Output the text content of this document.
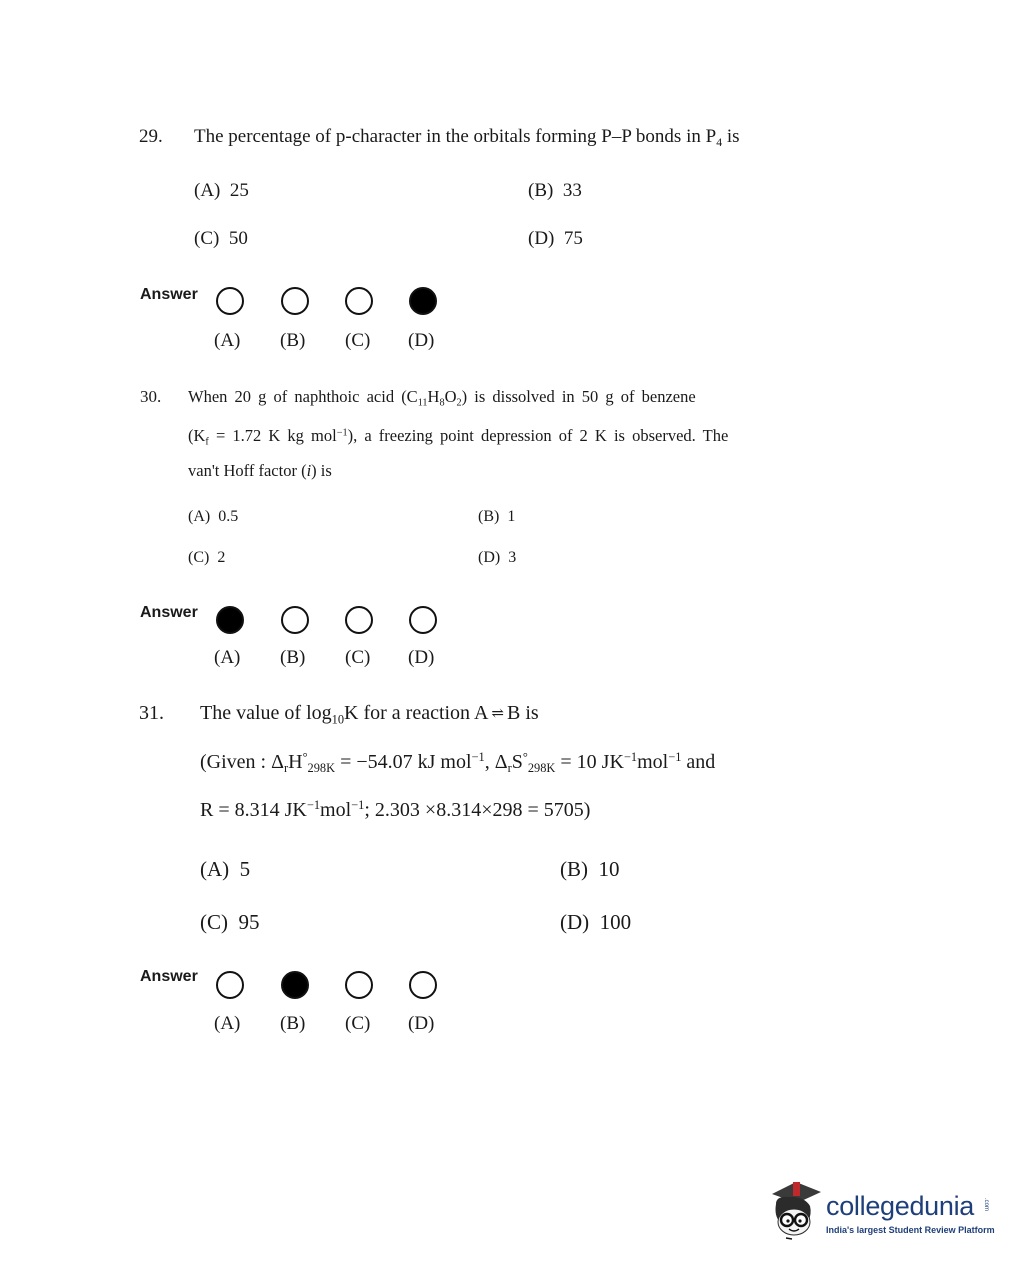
29. The percentage of p-character in the orbitals forming P–P bonds in $P_4$ is
(A) 25	(B) 33
(C) 50	(D) 75
Answer
(A) (B) (C) (D)
30. When 20 g of naphthoic acid $(C_{11}H_8O_2)$ is dissolved in 50 g of benzene
($K_f = 1.72$ K kg mol$^{-1}$), a freezing point depression of 2 K is observed. The
van't Hoff factor (i) is
(A) 0.5	(B) 1
(C) 2	(D) 3
Answer
(A) (B) (C) (D)
31. The value of $\log_{10}K$ for a reaction A ⇌ B is
(Given : $\Delta_rH^\circ_{298K} = -54.07$ kJ mol$^{-1}$, $\Delta_rS^\circ_{298K} = 10$ $JK^{-1}mol^{-1}$ and
R = 8.314 $JK^{-1}mol^{-1}$; 2.303 ×8.314×298 = 5705)
(A) 5	(B) 10
(C) 95	(D) 100
Answer
(A) (B) (C) (D)
collegedunia .com
India's largest Student Review Platform
